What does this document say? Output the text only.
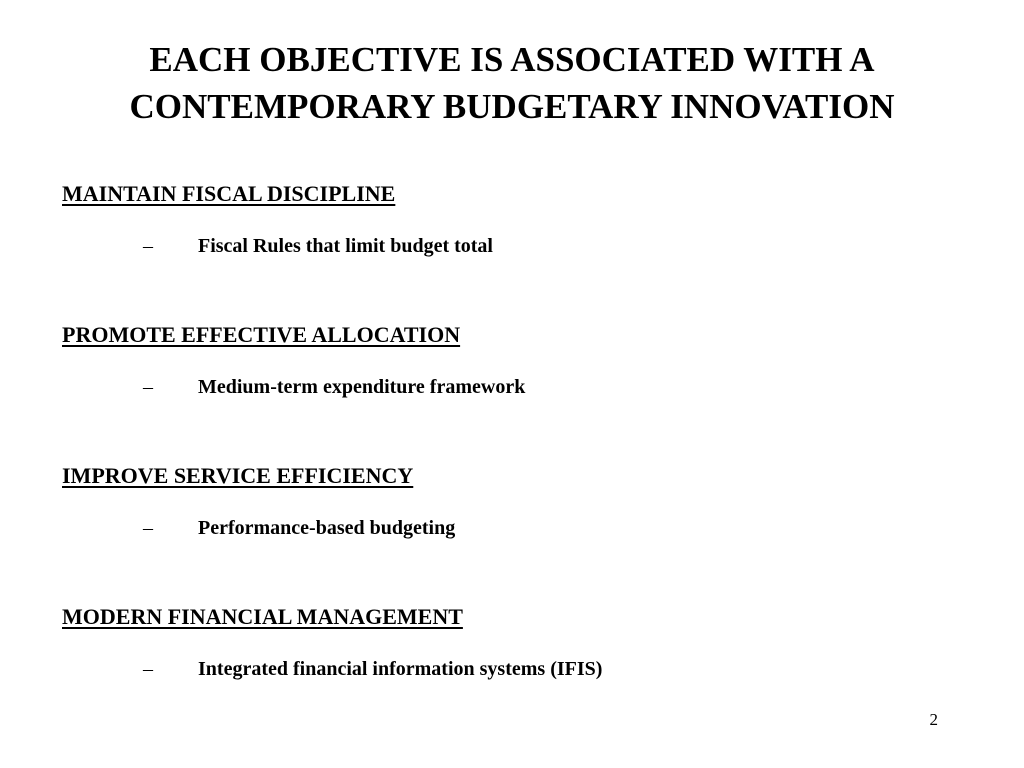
EACH OBJECTIVE IS ASSOCIATED WITH A
CONTEMPORARY BUDGETARY INNOVATION
MAINTAIN FISCAL DISCIPLINE
– Fiscal Rules that limit budget total
PROMOTE EFFECTIVE ALLOCATION
– Medium-term expenditure framework
IMPROVE SERVICE EFFICIENCY
– Performance-based budgeting
MODERN FINANCIAL MANAGEMENT
– Integrated financial information systems (IFIS)
2
